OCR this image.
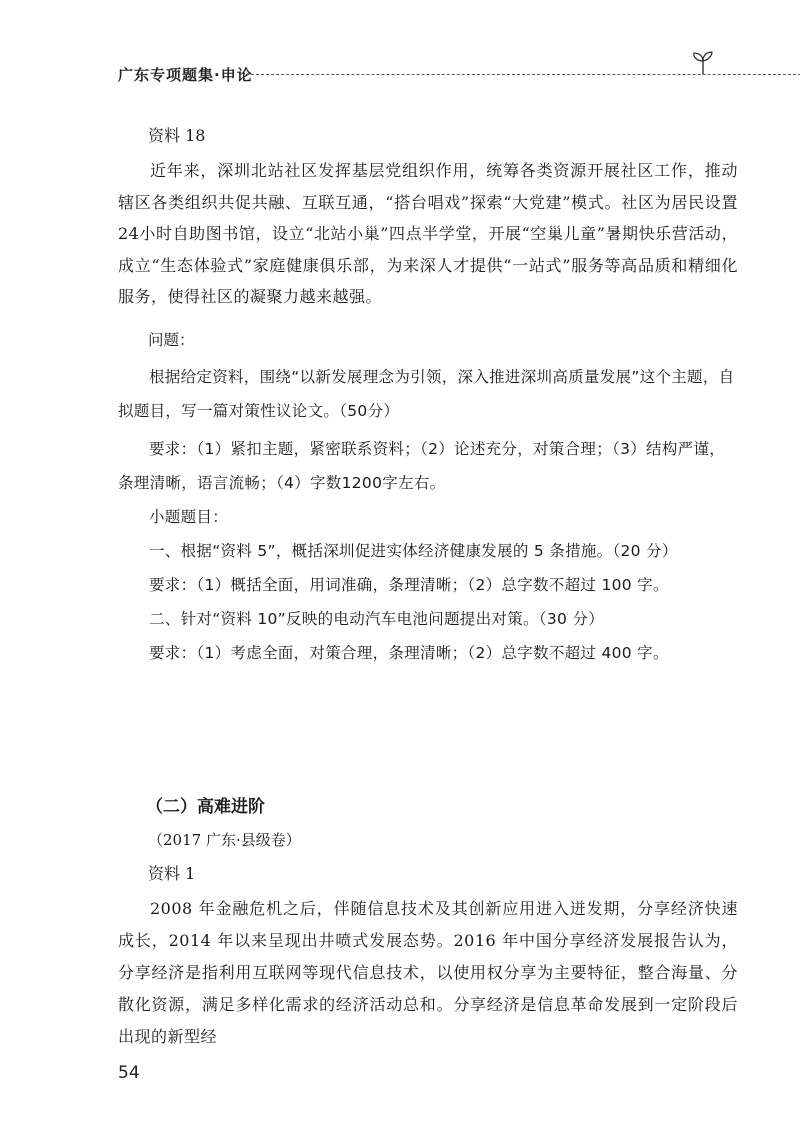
广东专项题集·申论

资料 18

近年来，深圳北站社区发挥基层党组织作用，统筹各类资源开展社区工作，推动辖区各类组织共促共融、互联互通，“搭台唱戏”探索“大党建”模式。社区为居民设置24小时自助图书馆，设立“北站小巢”四点半学堂，开展“空巢儿童”暑期快乐营活动，成立“生态体验式”家庭健康俱乐部，为来深人才提供“一站式”服务等高品质和精细化服务，使得社区的凝聚力越来越强。

问题：

根据给定资料，围绕“以新发展理念为引领，深入推进深圳高质量发展”这个主题，自拟题目，写一篇对策性议论文。（50分）

要求：（1）紧扣主题，紧密联系资料；（2）论述充分，对策合理；（3）结构严谨，条理清晰，语言流畅；（4）字数1200字左右。

小题题目：

一、根据“资料 5”，概括深圳促进实体经济健康发展的 5 条措施。（20 分）

要求：（1）概括全面，用词准确，条理清晰；（2）总字数不超过 100 字。

二、针对“资料 10”反映的电动汽车电池问题提出对策。（30 分）

要求：（1）考虑全面，对策合理，条理清晰；（2）总字数不超过 400 字。

（二）高难进阶

（2017 广东·县级卷）

资料 1

2008 年金融危机之后，伴随信息技术及其创新应用进入迸发期，分享经济快速成长，2014 年以来呈现出井喷式发展态势。2016 年中国分享经济发展报告认为，分享经济是指利用互联网等现代信息技术，以使用权分享为主要特征，整合海量、分散化资源，满足多样化需求的经济活动总和。分享经济是信息革命发展到一定阶段后出现的新型经

54
